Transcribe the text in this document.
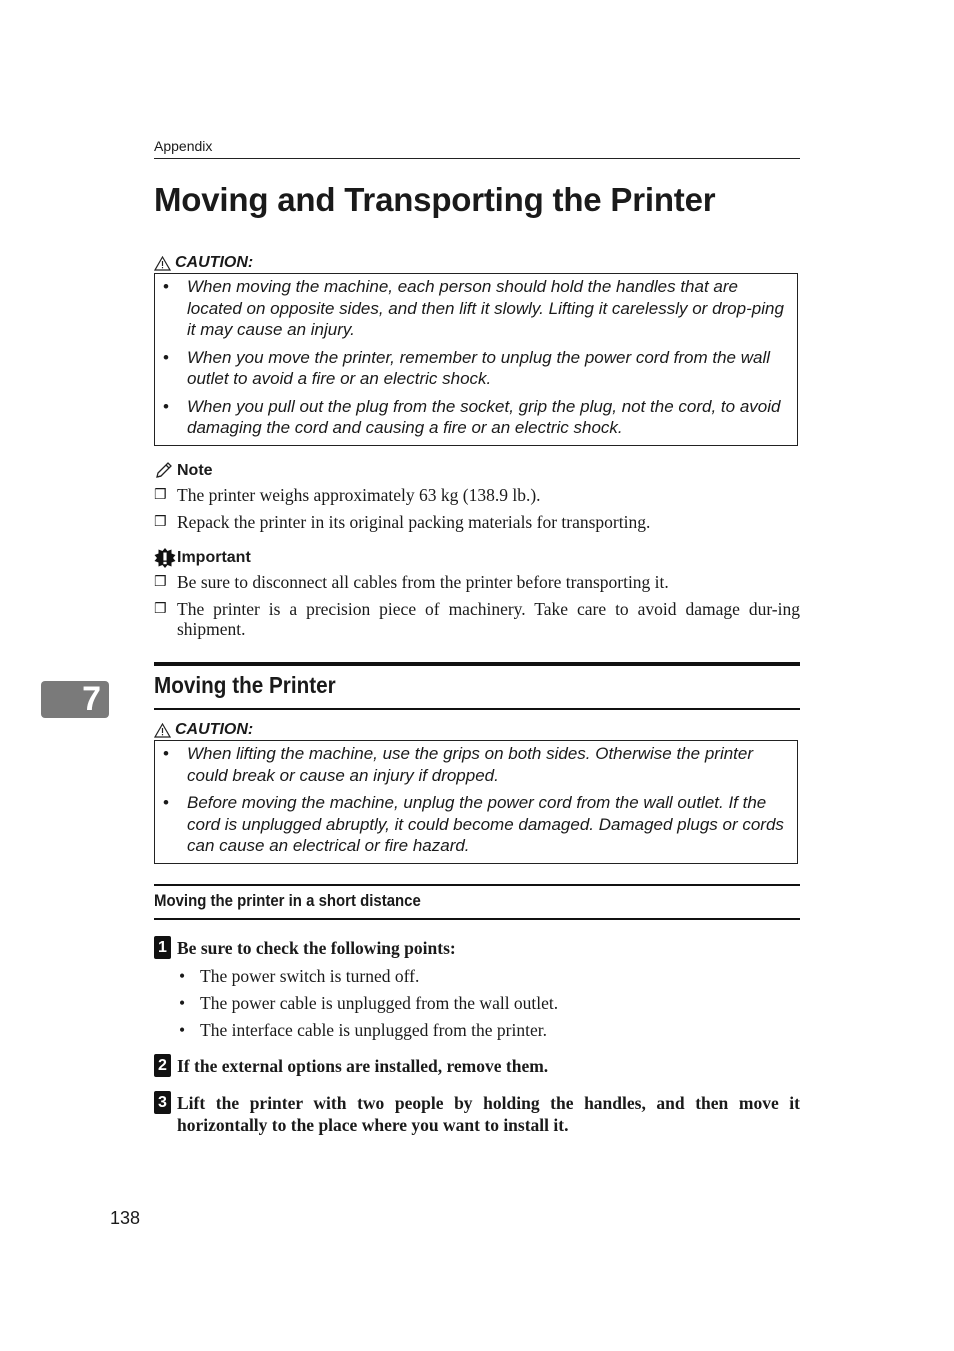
Appendix
Moving and Transporting the Printer
CAUTION:
•	When moving the machine, each person should hold the handles that are located on opposite sides, and then lift it slowly. Lifting it carelessly or drop-ping it may cause an injury.
•	When you move the printer, remember to unplug the power cord from the wall outlet to avoid a fire or an electric shock.
•	When you pull out the plug from the socket, grip the plug, not the cord, to avoid damaging the cord and causing a fire or an electric shock.
Note
❒ The printer weighs approximately 63 kg (138.9 lb.).
❒ Repack the printer in its original packing materials for transporting.
Important
❒ Be sure to disconnect all cables from the printer before transporting it.
❒ The printer is a precision piece of machinery. Take care to avoid damage dur-ing shipment.
Moving the Printer
7
CAUTION:
•	When lifting the machine, use the grips on both sides. Otherwise the printer could break or cause an injury if dropped.
•	Before moving the machine, unplug the power cord from the wall outlet. If the cord is unplugged abruptly, it could become damaged. Damaged plugs or cords can cause an electrical or fire hazard.
Moving the printer in a short distance
1 Be sure to check the following points:
• The power switch is turned off.
• The power cable is unplugged from the wall outlet.
• The interface cable is unplugged from the printer.
2 If the external options are installed, remove them.
3 Lift the printer with two people by holding the handles, and then move it horizontally to the place where you want to install it.
138
